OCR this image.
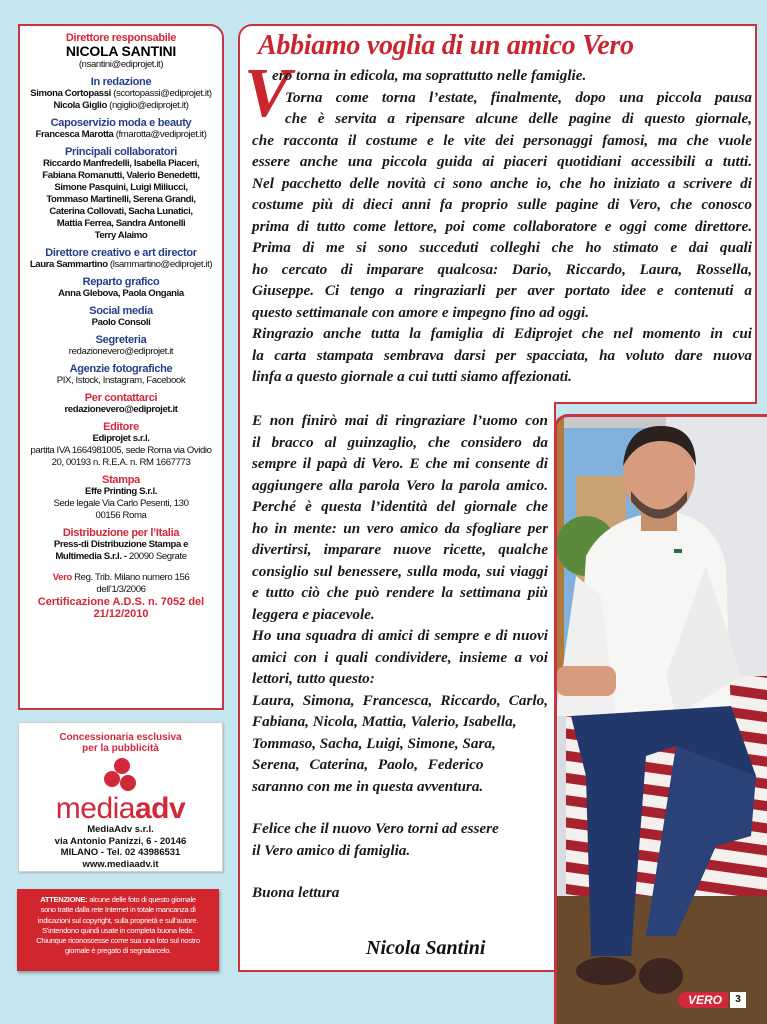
Direttore responsabile
NICOLA SANTINI
(nsantini@ediprojet.it)
In redazione
Simona Cortopassi (scortopassi@ediprojet.it)
Nicola Giglio (ngiglio@ediprojet.it)
Caposervizio moda e beauty
Francesca Marotta (fmarotta@vediprojet.it)
Principali collaboratori
Riccardo Manfredelli, Isabella Piaceri,
Fabiana Romanutti, Valerio Benedetti,
Simone Pasquini, Luigi Miliucci,
Tommaso Martinelli, Serena Grandi,
Caterina Collovati, Sacha Lunatici,
Mattia Ferrea, Sandra Antonelli
Terry Alaimo
Direttore creativo e art director
Laura Sammartino (lsammartino@ediprojet.it)
Reparto grafico
Anna Glebova, Paola Ongania
Social media
Paolo Consoli
Segreteria
redazionevero@ediprojet.it
Agenzie fotografiche
PIX, Istock, Instagram, Facebook
Per contattarci
redazionevero@ediprojet.it
Editore
Ediprojet s.r.l.
partita IVA 1664981005, sede Roma via Ovidio
20, 00193 n. R.E.A. n. RM 1667773
Stampa
Effe Printing S.r.l.
Sede legale Via Carlo Pesenti, 130
00156 Roma
Distribuzione per l’Italia
Press-di Distribuzione Stampa e
Multimedia S.r.l. - 20090 Segrate
Vero Reg. Trib. Milano numero 156
dell’1/3/2006
Certificazione A.D.S. n. 7052 del
21/12/2010
Concessionaria esclusiva
per la pubblicità
mediaadv
MediaAdv s.r.l.
via Antonio Panizzi, 6 - 20146
MILANO - Tel. 02 43986531
www.mediaadv.it
ATTENZIONE: alcune delle foto di questo giornale
sono tratte dalla rete Internet in totale mancanza di
indicazioni sul copyright, sulla proprietà e sull’autore.
S’intendono quindi usate in completa buona fede.
Chiunque riconoscesse come sua una foto sul nostro
giornale è pregato di segnalarcelo.
Abbiamo voglia di un amico Vero
V
ero torna in edicola, ma soprattutto nelle famiglie.
Torna come torna l’estate, finalmente, dopo una piccola pausa
che è servita a ripensare alcune delle pagine di questo giornale,
che racconta il costume e le vite dei personaggi famosi, ma che vuole
essere anche una piccola guida ai piaceri quotidiani accessibili a tutti.
Nel pacchetto delle novità ci sono anche io, che ho iniziato a scrivere di
costume più di dieci anni fa proprio sulle pagine di Vero, che conosco
prima di tutto come lettore, poi come collaboratore e oggi come direttore.
Prima di me si sono succeduti colleghi che ho stimato e dai quali
ho cercato di imparare qualcosa: Dario, Riccardo, Laura, Rossella,
Giuseppe. Ci tengo a ringraziarli per aver portato idee e contenuti a
questo settimanale con amore e impegno fino ad oggi.
Ringrazio anche tutta la famiglia di Ediprojet che nel momento in cui
la carta stampata sembrava darsi per spacciata, ha voluto dare nuova
linfa a questo giornale a cui tutti siamo affezionati.
E non finirò mai di ringraziare l’uomo con
il bracco al guinzaglio, che considero da
sempre il papà di Vero. E che mi consente di
aggiungere alla parola Vero la parola amico.
Perché è questa l’identità del giornale che
ho in mente: un vero amico da sfogliare per
divertirsi, imparare nuove ricette, qualche
consiglio sul benessere, sulla moda, sui viaggi
e tutto ciò che può rendere la settimana più
leggera e piacevole.
Ho una squadra di amici di sempre e di nuovi
amici con i quali condividere, insieme a voi
lettori, tutto questo:
Laura, Simona, Francesca, Riccardo, Carlo,
Fabiana, Nicola, Mattia, Valerio, Isabella,
Tommaso, Sacha, Luigi, Simone, Sara,
Serena, Caterina, Paolo, Federico
saranno con me in questa avventura.
Felice che il nuovo Vero torni ad essere
il Vero amico di famiglia.
Buona lettura
Nicola Santini
VERO	3
